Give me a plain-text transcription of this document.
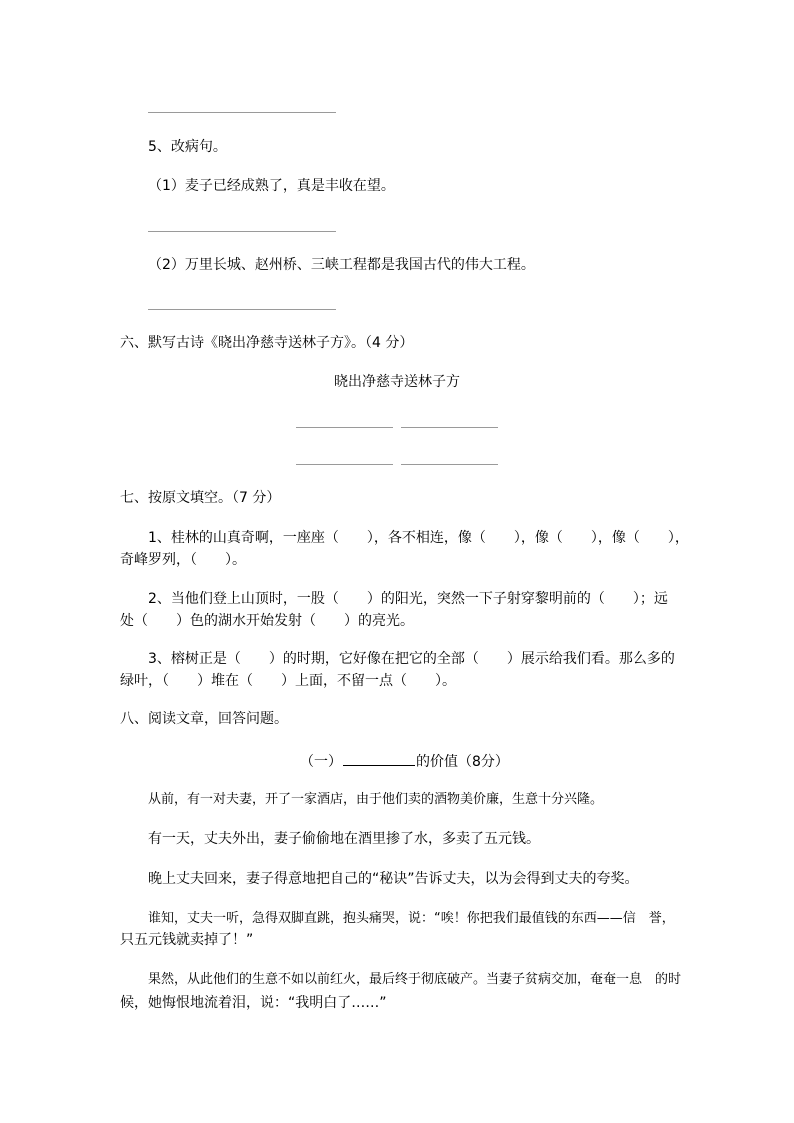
5、改病句。
（1）麦子已经成熟了，真是丰收在望。
（2）万里长城、赵州桥、三峡工程都是我国古代的伟大工程。
六、默写古诗《晓出净慈寺送林子方》。（4 分）
晓出净慈寺送林子方
七、按原文填空。（7 分）
1、桂林的山真奇啊，一座座（　　），各不相连，像（　　），像（　　），像（　　），
奇峰罗列，（　　）。
2、当他们登上山顶时，一股（　　）的阳光，突然一下子射穿黎明前的（　　）；远
处（　　）色的湖水开始发射（　　）的亮光。
3、榕树正是（　　）的时期，它好像在把它的全部（　　）展示给我们看。那么多的
绿叶，（　　）堆在（　　）上面，不留一点（　　）。
八、阅读文章，回答问题。
（一）	的价值（8分）
从前，有一对夫妻，开了一家酒店，由于他们卖的酒物美价廉，生意十分兴隆。
有一天，丈夫外出，妻子偷偷地在酒里掺了水，多卖了五元钱。
晚上丈夫回来，妻子得意地把自己的“秘诀”告诉丈夫，以为会得到丈夫的夸奖。
谁知，丈夫一听，急得双脚直跳，抱头痛哭，说：“唉！你把我们最值钱的东西——信　誉，
只五元钱就卖掉了！”
果然，从此他们的生意不如以前红火，最后终于彻底破产。当妻子贫病交加，奄奄一息　的时
候，她悔恨地流着泪，说：“我明白了……”
